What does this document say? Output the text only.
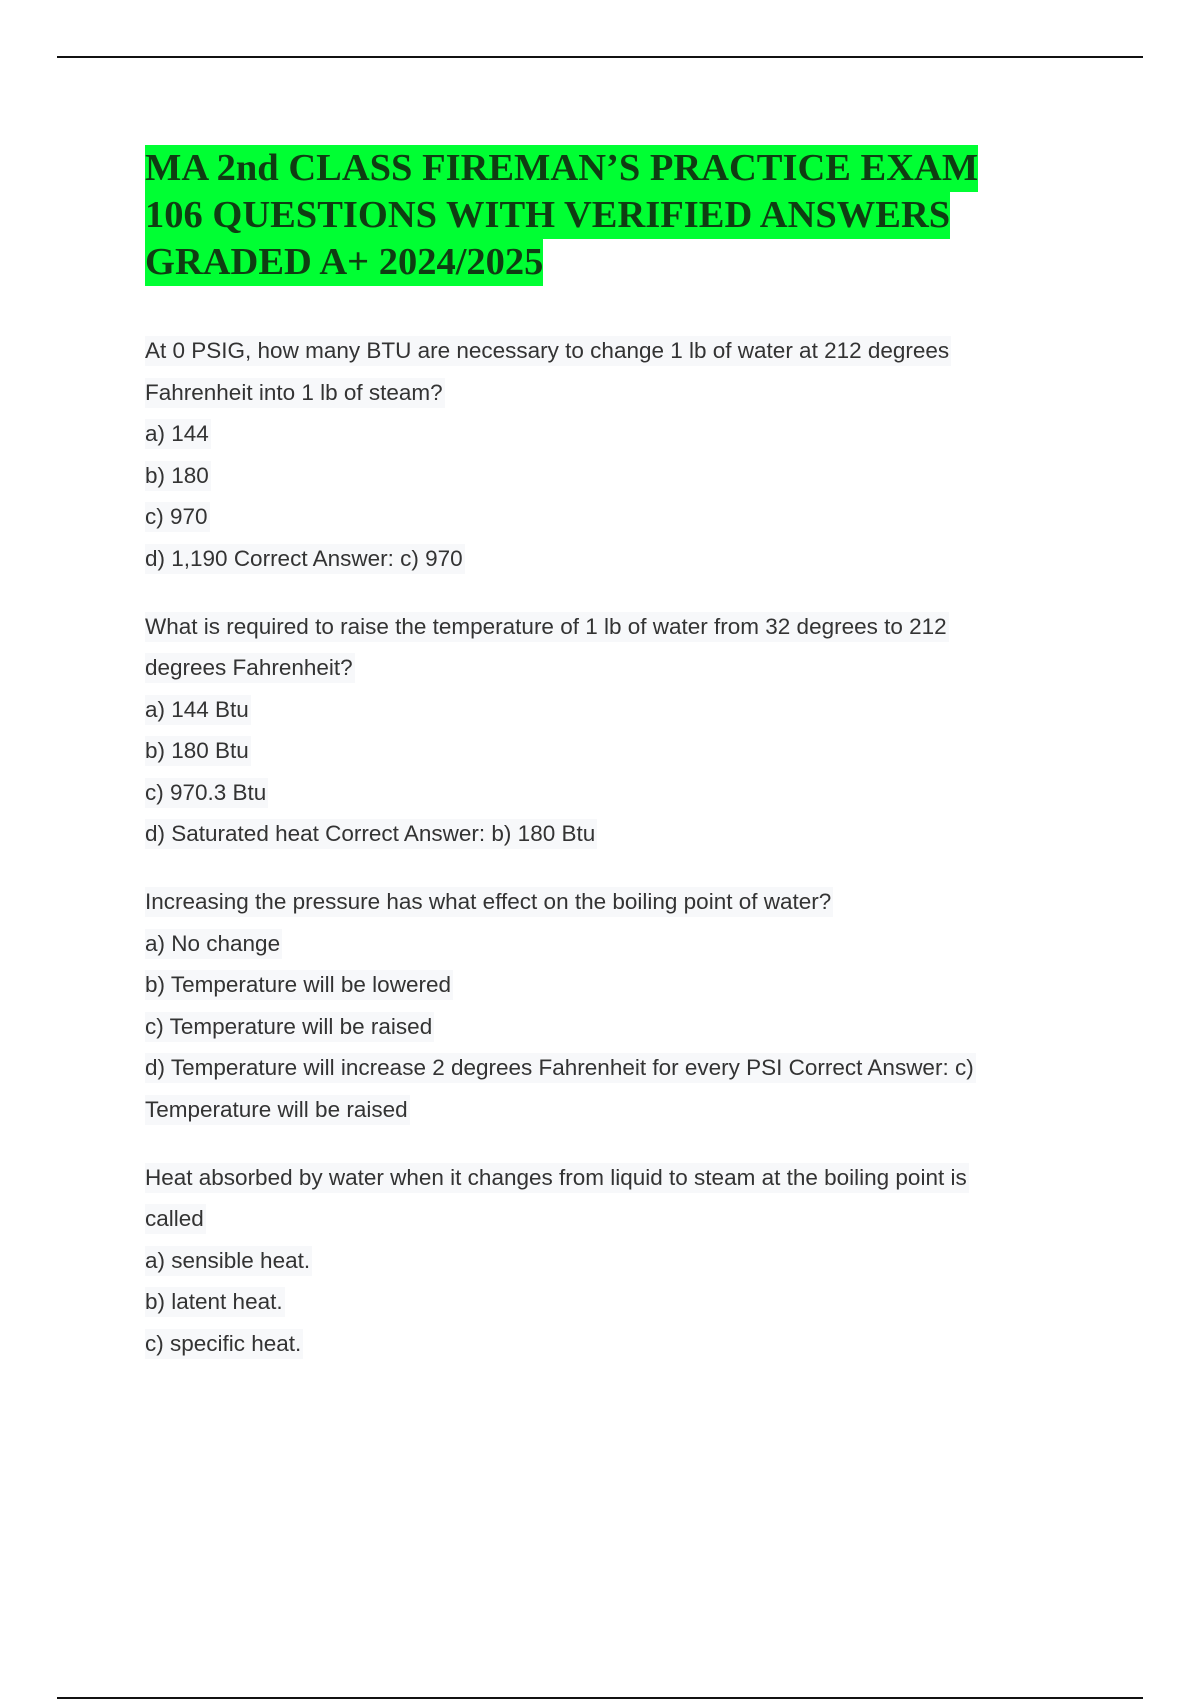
MA 2nd CLASS FIREMAN’S PRACTICE EXAM
106 QUESTIONS WITH VERIFIED ANSWERS
GRADED A+ 2024/2025
At 0 PSIG, how many BTU are necessary to change 1 lb of water at 212 degrees
Fahrenheit into 1 lb of steam?
a) 144
b) 180
c) 970
d) 1,190 Correct Answer: c) 970
What is required to raise the temperature of 1 lb of water from 32 degrees to 212
degrees Fahrenheit?
a) 144 Btu
b) 180 Btu
c) 970.3 Btu
d) Saturated heat Correct Answer: b) 180 Btu
Increasing the pressure has what effect on the boiling point of water?
a) No change
b) Temperature will be lowered
c) Temperature will be raised
d) Temperature will increase 2 degrees Fahrenheit for every PSI Correct Answer: c)
Temperature will be raised
Heat absorbed by water when it changes from liquid to steam at the boiling point is
called
a) sensible heat.
b) latent heat.
c) specific heat.
